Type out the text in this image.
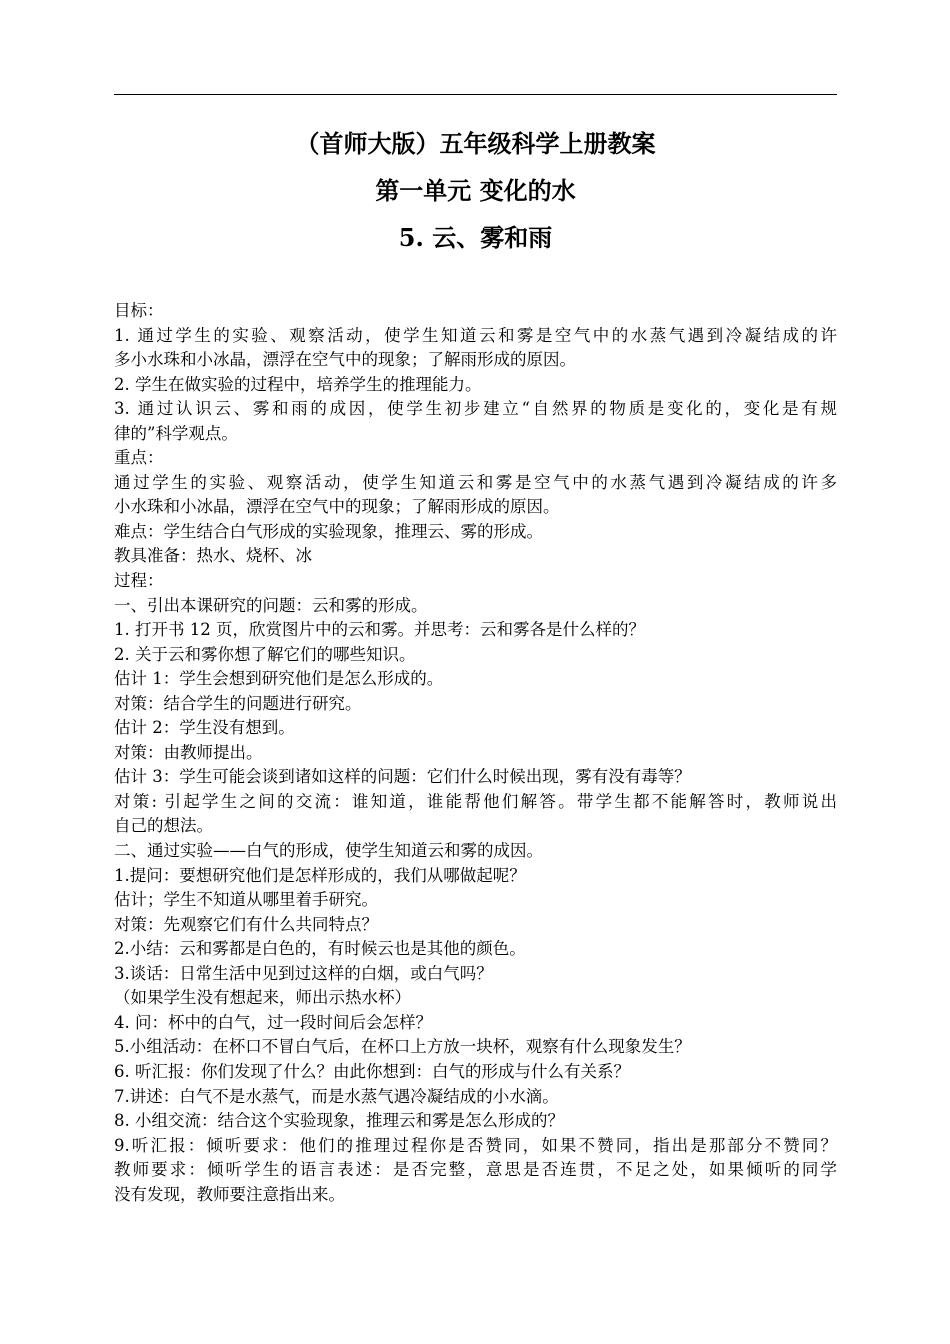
（首师大版）五年级科学上册教案
第一单元 变化的水
5. 云、雾和雨
目标：
1. 通过学生的实验、观察活动，使学生知道云和雾是空气中的水蒸气遇到冷凝结成的许
多小水珠和小冰晶，漂浮在空气中的现象；了解雨形成的原因。
2. 学生在做实验的过程中，培养学生的推理能力。
3. 通过认识云、雾和雨的成因，使学生初步建立“自然界的物质是变化的，变化是有规
律的”科学观点。
重点：
通过学生的实验、观察活动，使学生知道云和雾是空气中的水蒸气遇到冷凝结成的许多
小水珠和小冰晶，漂浮在空气中的现象；了解雨形成的原因。
难点：学生结合白气形成的实验现象，推理云、雾的形成。
教具准备：热水、烧杯、冰
过程：
一、引出本课研究的问题：云和雾的形成。
1. 打开书 12 页，欣赏图片中的云和雾。并思考：云和雾各是什么样的？
2. 关于云和雾你想了解它们的哪些知识。
估计 1：学生会想到研究他们是怎么形成的。
对策：结合学生的问题进行研究。
估计 2：学生没有想到。
对策：由教师提出。
估计 3：学生可能会谈到诸如这样的问题：它们什么时候出现，雾有没有毒等？
对策: 引起学生之间的交流：谁知道，谁能帮他们解答。带学生都不能解答时，教师说出
自己的想法。
二、通过实验——白气的形成，使学生知道云和雾的成因。
1.提问：要想研究他们是怎样形成的，我们从哪做起呢？
估计；学生不知道从哪里着手研究。
对策：先观察它们有什么共同特点？
2.小结：云和雾都是白色的，有时候云也是其他的颜色。
3.谈话：日常生活中见到过这样的白烟，或白气吗？
（如果学生没有想起来，师出示热水杯）
4. 问：杯中的白气，过一段时间后会怎样？
5.小组活动：在杯口不冒白气后，在杯口上方放一块杯，观察有什么现象发生？
6. 听汇报：你们发现了什么？由此你想到：白气的形成与什么有关系？
7.讲述：白气不是水蒸气，而是水蒸气遇冷凝结成的小水滴。
8. 小组交流：结合这个实验现象，推理云和雾是怎么形成的？
9.听汇报：倾听要求：他们的推理过程你是否赞同，如果不赞同，指出是那部分不赞同？
教师要求：倾听学生的语言表述：是否完整，意思是否连贯，不足之处，如果倾听的同学
没有发现，教师要注意指出来。
